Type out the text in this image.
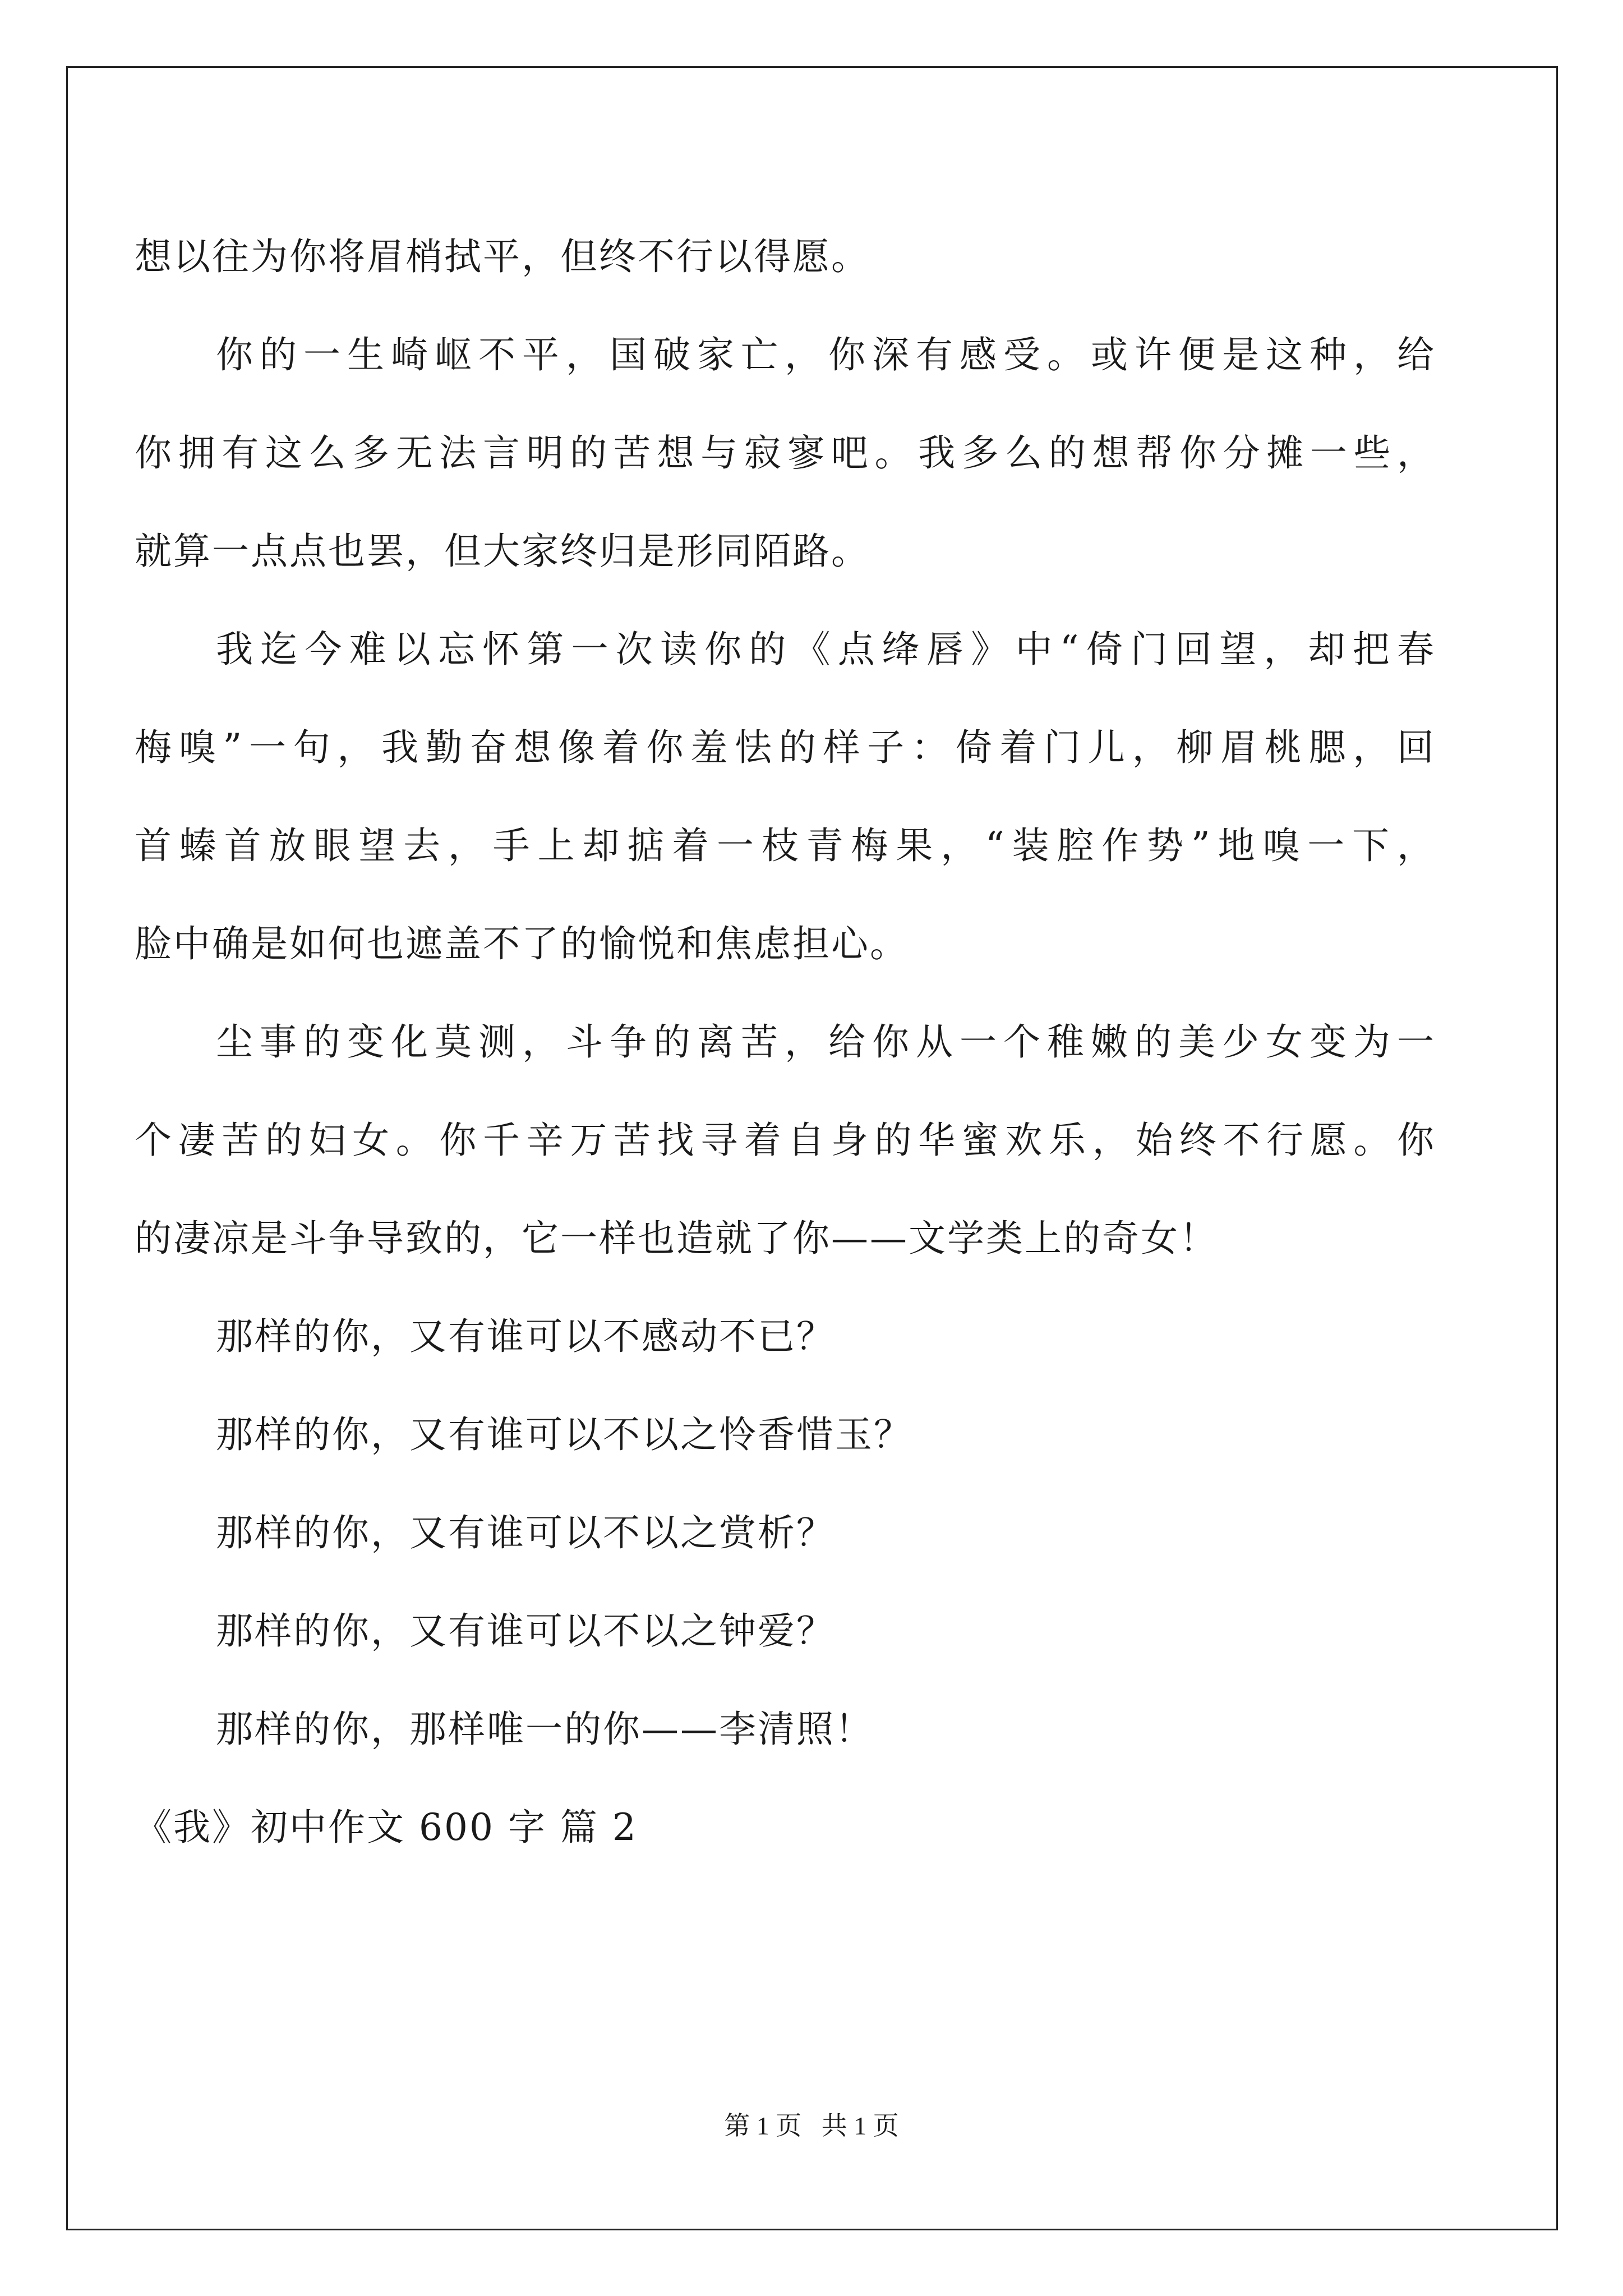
想以往为你将眉梢拭平，但终不行以得愿。
你的一生崎岖不平，国破家亡，你深有感受。或许便是这种，给
你拥有这么多无法言明的苦想与寂寥吧。我多么的想帮你分摊一些，
就算一点点也罢，但大家终归是形同陌路。
我迄今难以忘怀第一次读你的《点绛唇》中“倚门回望，却把春
梅嗅”一句，我勤奋想像着你羞怯的样子：倚着门儿，柳眉桃腮，回
首螓首放眼望去，手上却掂着一枝青梅果，“装腔作势”地嗅一下，
脸中确是如何也遮盖不了的愉悦和焦虑担心。
尘事的变化莫测，斗争的离苦，给你从一个稚嫩的美少女变为一
个凄苦的妇女。你千辛万苦找寻着自身的华蜜欢乐，始终不行愿。你
的凄凉是斗争导致的，它一样也造就了你——文学类上的奇女！
那样的你，又有谁可以不感动不已？
那样的你，又有谁可以不以之怜香惜玉？
那样的你，又有谁可以不以之赏析？
那样的你，又有谁可以不以之钟爱？
那样的你，那样唯一的你——李清照！
《我》初中作文 600 字 篇 2
第 1 页 共 1 页
